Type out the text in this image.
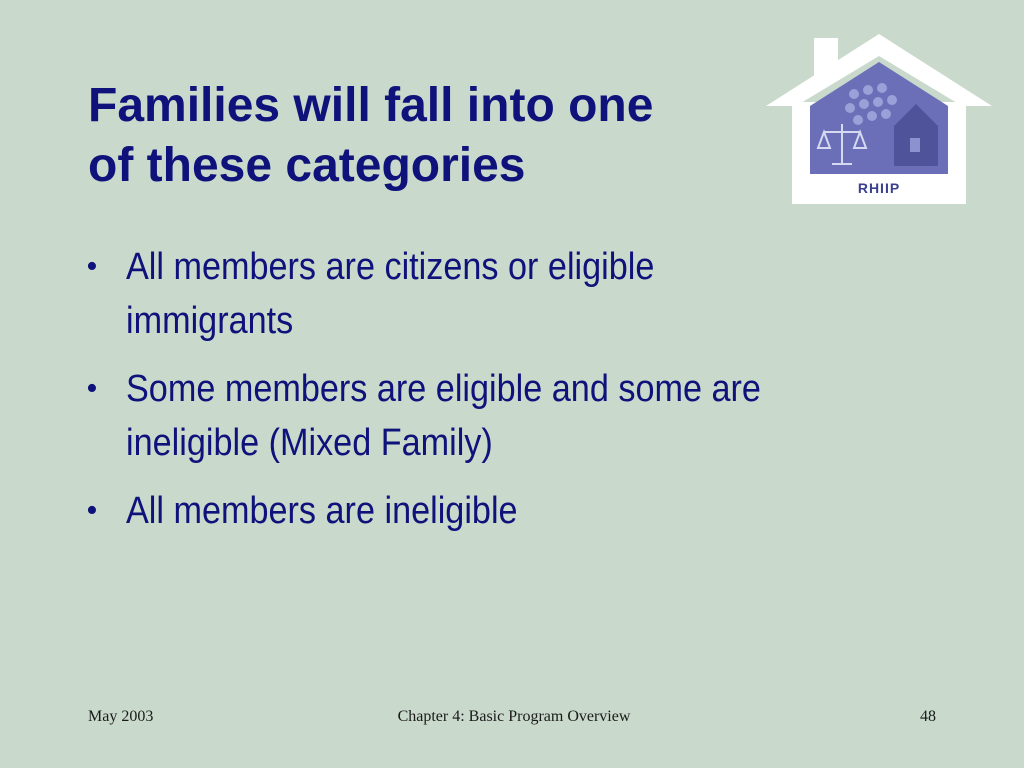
Families will fall into one
of these categories	RHIIP
• All members are citizens or eligible immigrants
• Some members are eligible and some are ineligible (Mixed Family)
• All members are ineligible
May 2003	Chapter 4: Basic Program Overview	48
